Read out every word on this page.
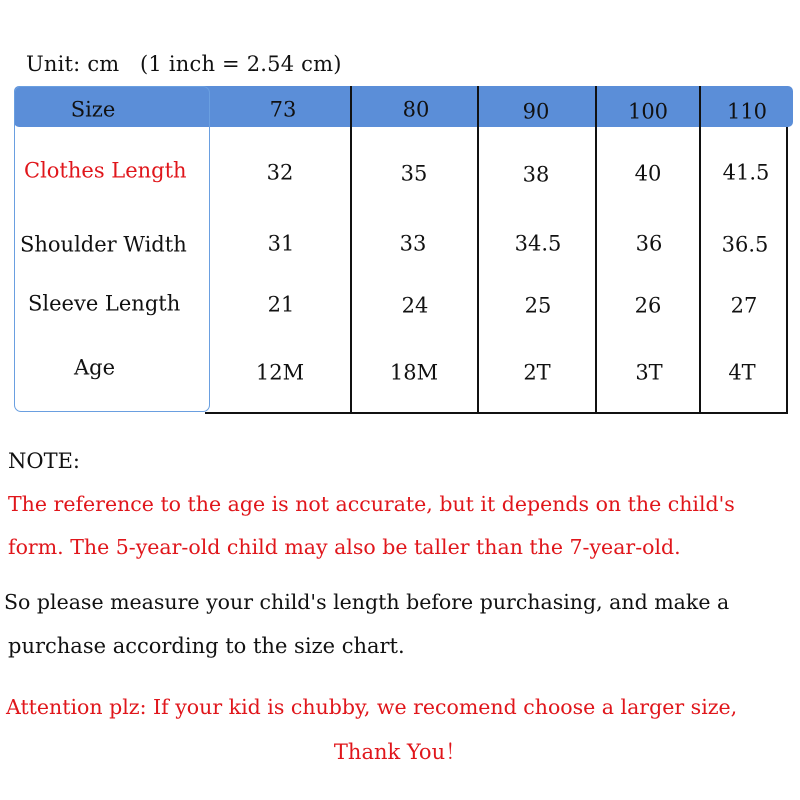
Unit: cm   (1 inch = 2.54 cm)
Size	73	80	90	100	110
Clothes Length	32	35	38	40	41.5
Shoulder Width	31	33	34.5	36	36.5
Sleeve Length	21	24	25	26	27
Age	12M	18M	2T	3T	4T
NOTE:
The reference to the age is not accurate, but it depends on the child's
form. The 5-year-old child may also be taller than the 7-year-old.
So please measure your child's length before purchasing, and make a
purchase according to the size chart.
Attention plz: If your kid is chubby, we recomend choose a larger size,
Thank You！
